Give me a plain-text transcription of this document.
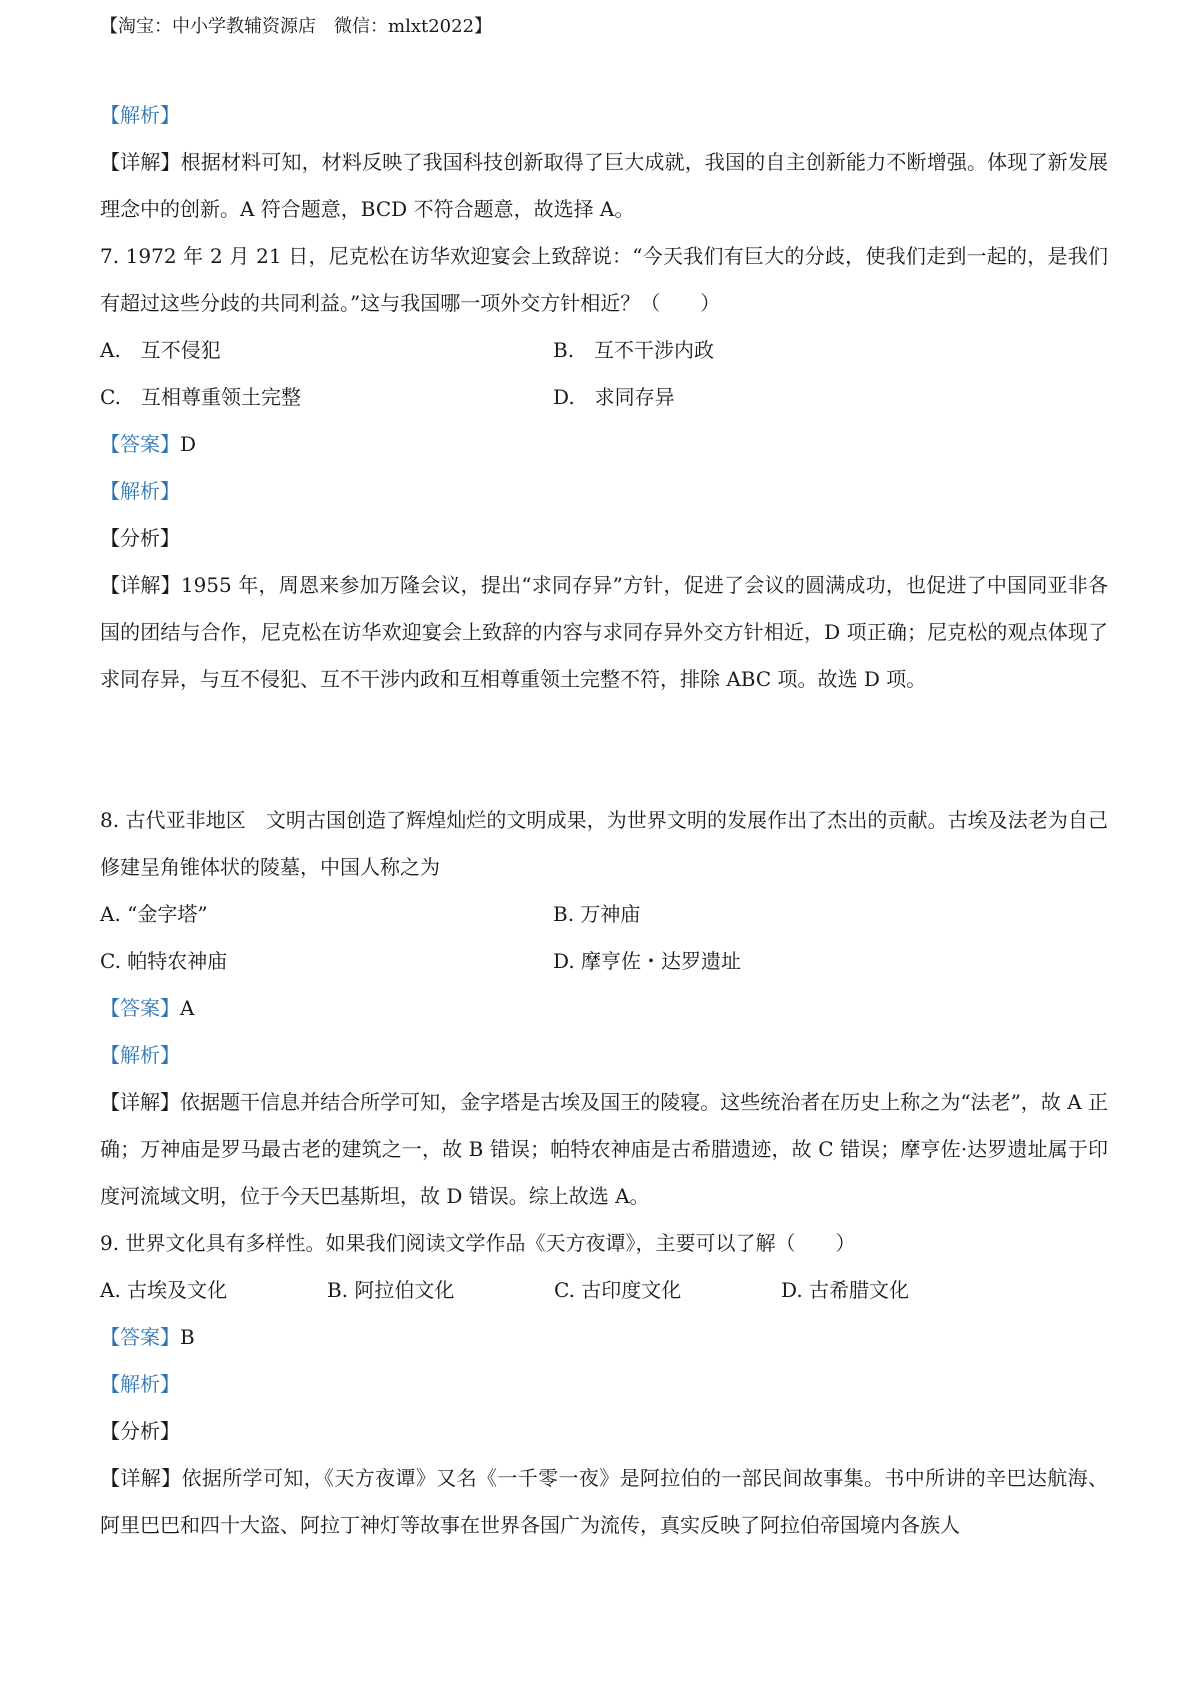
【淘宝：中小学教辅资源店　微信：mlxt2022】
【解析】
【详解】根据材料可知，材料反映了我国科技创新取得了巨大成就，我国的自主创新能力不断增强。体现了新发展理念中的创新。A 符合题意，BCD 不符合题意，故选择 A。
7. 1972 年 2 月 21 日，尼克松在访华欢迎宴会上致辞说：“今天我们有巨大的分歧，使我们走到一起的，是我们有超过这些分歧的共同利益。”这与我国哪一项外交方针相近？（　　）
A.　互不侵犯	B.　互不干涉内政
C.　互相尊重领土完整	D.　求同存异
【答案】D
【解析】
【分析】
【详解】1955 年，周恩来参加万隆会议，提出“求同存异”方针，促进了会议的圆满成功，也促进了中国同亚非各国的团结与合作，尼克松在访华欢迎宴会上致辞的内容与求同存异外交方针相近，D 项正确；尼克松的观点体现了求同存异，与互不侵犯、互不干涉内政和互相尊重领土完整不符，排除 ABC 项。故选 D 项。
8. 古代亚非地区　文明古国创造了辉煌灿烂的文明成果，为世界文明的发展作出了杰出的贡献。古埃及法老为自己修建呈角锥体状的陵墓，中国人称之为
A. “金字塔”	B. 万神庙
C. 帕特农神庙	D. 摩亨佐・达罗遗址
【答案】A
【解析】
【详解】依据题干信息并结合所学可知，金字塔是古埃及国王的陵寝。这些统治者在历史上称之为“法老”，故 A 正确；万神庙是罗马最古老的建筑之一，故 B 错误；帕特农神庙是古希腊遗迹，故 C 错误；摩亨佐·达罗遗址属于印度河流域文明，位于今天巴基斯坦，故 D 错误。综上故选 A。
9. 世界文化具有多样性。如果我们阅读文学作品《天方夜谭》，主要可以了解（　　）
A. 古埃及文化	B. 阿拉伯文化	C. 古印度文化	D. 古希腊文化
【答案】B
【解析】
【分析】
【详解】依据所学可知，《天方夜谭》又名《一千零一夜》是阿拉伯的一部民间故事集。书中所讲的辛巴达航海、阿里巴巴和四十大盗、阿拉丁神灯等故事在世界各国广为流传，真实反映了阿拉伯帝国境内各族人
